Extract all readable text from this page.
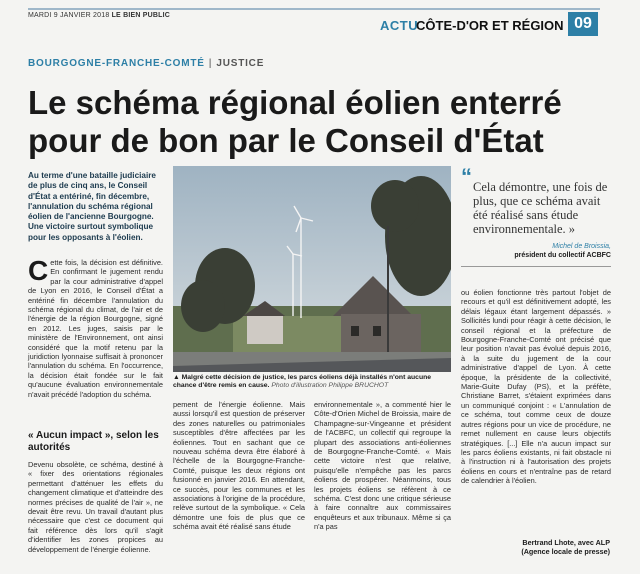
MARDI 9 JANVIER 2018 LE BIEN PUBLIC
ACTU
CÔTE-D'OR ET RÉGION 09
BOURGOGNE-FRANCHE-COMTÉ | JUSTICE
Le schéma régional éolien enterré pour de bon par le Conseil d'État
Au terme d'une bataille judiciaire de plus de cinq ans, le Conseil d'État a entériné, fin décembre, l'annulation du schéma régional éolien de l'ancienne Bourgogne. Une victoire surtout symbolique pour les opposants à l'éolien.
Cette fois, la décision est définitive. En confirmant le jugement rendu par la cour administrative d'appel de Lyon en 2016, le Conseil d'État a entériné fin décembre l'annulation du schéma régional du climat, de l'air et de l'énergie de la région Bourgogne, signé en 2012. Les juges, saisis par le ministère de l'Environnement, ont ainsi considéré que la motif retenu par la juridiction lyonnaise suffisait à prononcer l'annulation du schéma. En l'occurrence, la décision était fondée sur le fait qu'aucune évaluation environnementale n'avait précédé l'adoption du schéma.
« Aucun impact », selon les autorités
Devenu obsolète, ce schéma, destiné à « fixer des orientations régionales permettant d'atténuer les effets du changement climatique et d'atteindre des normes précises de qualité de l'air », ne devait être revu. Un travail d'autant plus nécessaire que c'est ce document qui fait référence dès lors qu'il s'agit d'identifier les zones propices au développement de l'énergie éolienne.
▲ Malgré cette décision de justice, les parcs éoliens déjà installés n'ont aucune chance d'être remis en cause. Photo d'illustration Philippe BRUCHOT
pement de l'énergie éolienne. Mais aussi lorsqu'il est question de préserver des zones naturelles ou patrimoniales susceptibles d'être affectées par les éoliennes. Tout en sachant que ce nouveau schéma devra être élaboré à l'échelle de la Bourgogne-Franche-Comté, puisque les deux régions ont fusionné en janvier 2016. En attendant, ce succès, pour les communes et les associations à l'origine de la procédure, relève surtout de la symbolique. « Cela démontre une fois de plus que ce schéma avait été réalisé sans étude
environnementale », a commenté hier le Côte-d'Orien Michel de Broissia, maire de Champagne-sur-Vingeanne et président de l'ACBFC, un collectif qui regroupe la plupart des associations anti-éoliennes de Bourgogne-Franche-Comté. « Mais cette victoire n'est que relative, puisqu'elle n'empêche pas les parcs éoliens de prospérer. Néanmoins, tous les projets éoliens se réfèrent à ce schéma. C'est donc une critique sérieuse à faire connaître aux commissaires enquêteurs et aux tribunaux. Même si ça n'a pas
“ Cela démontre, une fois de plus, que ce schéma avait été réalisé sans étude environnementale. »
Michel de Broissia,
président du collectif ACBFC
ou éolien fonctionne très partout l'objet de recours et qu'il est définitivement adopté, les délais légaux étant largement dépassés. » Sollicités lundi pour réagir à cette décision, le conseil régional et la préfecture de Bourgogne-Franche-Comté ont précisé que leur position n'avait pas évolué depuis 2016, à la suite du jugement de la cour administrative d'appel de Lyon. À cette époque, la présidente de la collectivité, Marie-Guite Dufay (PS), et la préfète, Christiane Barret, s'étaient exprimées dans un communiqué conjoint : « L'annulation de ce schéma, tout comme ceux de douze autres régions pour un vice de procédure, ne remet nullement en cause leurs objectifs stratégiques. [...] Elle n'a aucun impact sur les parcs éoliens existants, ni fait obstacle ni à l'instruction ni à l'autorisation des projets éoliens en cours et n'entraîne pas de retard de calendrier à l'éolien.
Bertrand Lhote, avec ALP
(Agence locale de presse)
